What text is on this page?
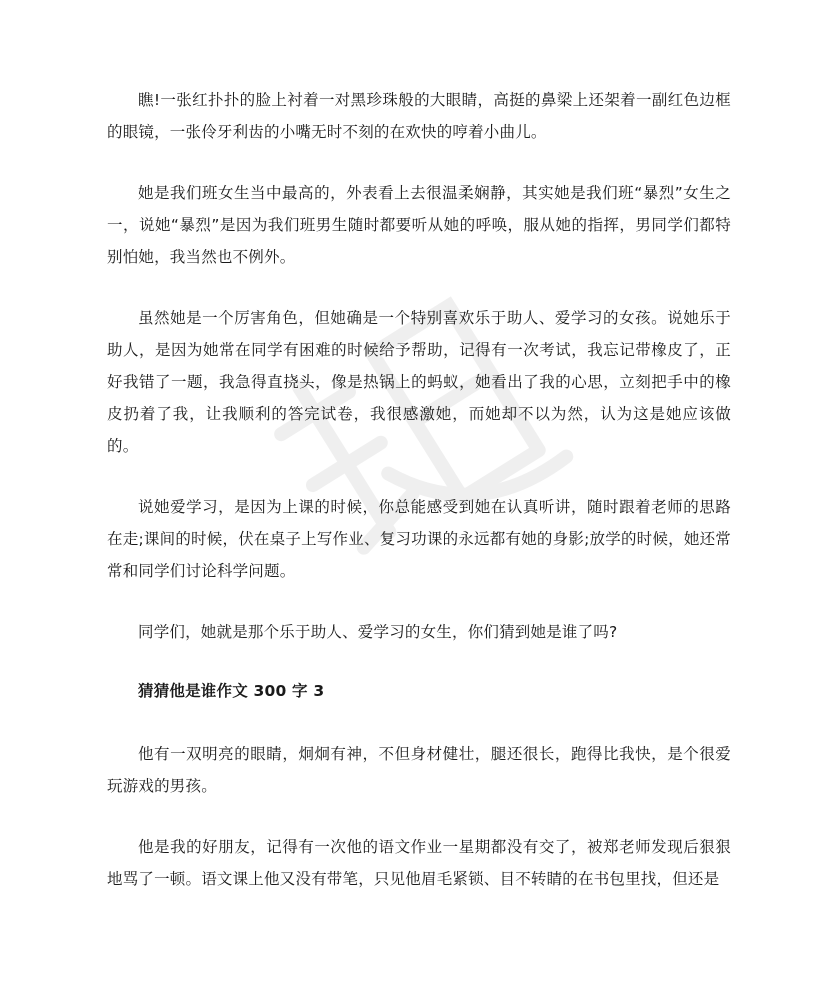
瞧!一张红扑扑的脸上衬着一对黑珍珠般的大眼睛，高挺的鼻梁上还架着一副红色边框的眼镜，一张伶牙利齿的小嘴无时不刻的在欢快的哼着小曲儿。

她是我们班女生当中最高的，外表看上去很温柔娴静，其实她是我们班“暴烈”女生之一，说她“暴烈”是因为我们班男生随时都要听从她的呼唤，服从她的指挥，男同学们都特别怕她，我当然也不例外。

虽然她是一个厉害角色，但她确是一个特别喜欢乐于助人、爱学习的女孩。说她乐于助人，是因为她常在同学有困难的时候给予帮助，记得有一次考试，我忘记带橡皮了，正好我错了一题，我急得直挠头，像是热锅上的蚂蚁，她看出了我的心思，立刻把手中的橡皮扔着了我，让我顺利的答完试卷，我很感激她，而她却不以为然，认为这是她应该做的。

说她爱学习，是因为上课的时候，你总能感受到她在认真听讲，随时跟着老师的思路在走;课间的时候，伏在桌子上写作业、复习功课的永远都有她的身影;放学的时候，她还常常和同学们讨论科学问题。

同学们，她就是那个乐于助人、爱学习的女生，你们猜到她是谁了吗?

猜猜他是谁作文 300 字 3

他有一双明亮的眼睛，炯炯有神，不但身材健壮，腿还很长，跑得比我快，是个很爱玩游戏的男孩。

他是我的好朋友，记得有一次他的语文作业一星期都没有交了，被郑老师发现后狠狠地骂了一顿。语文课上他又没有带笔，只见他眉毛紧锁、目不转睛的在书包里找，但还是
